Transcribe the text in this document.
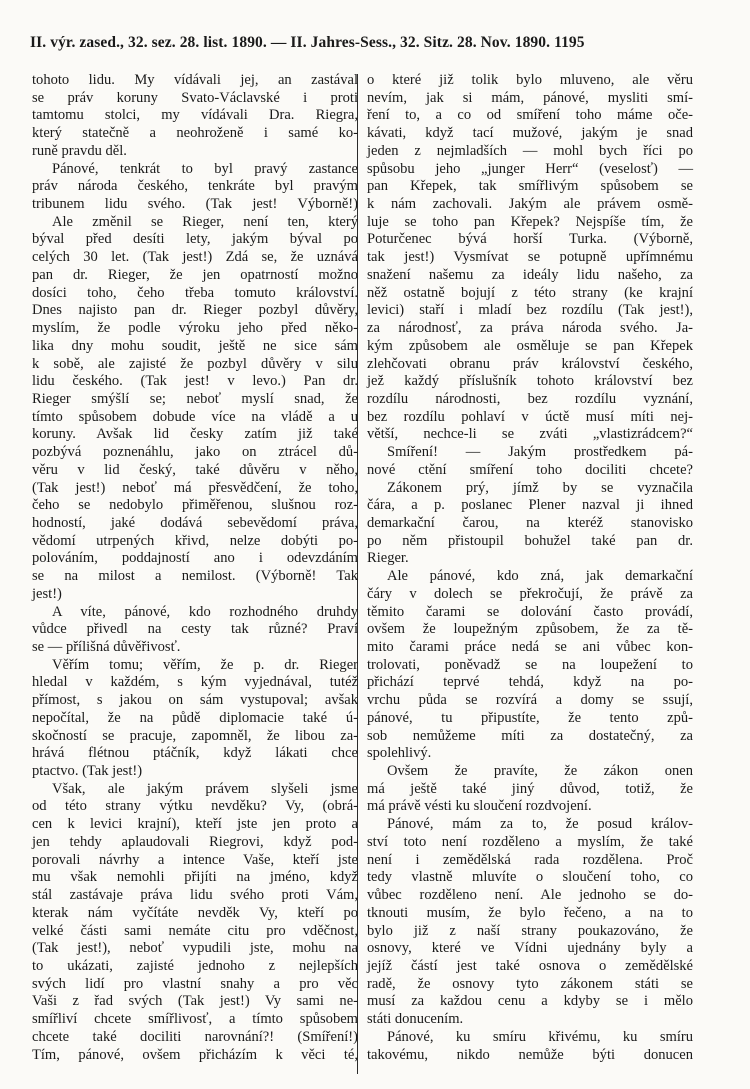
II. výr. zased., 32. sez. 28. list. 1890. — II. Jahres-Sess., 32. Sitz. 28. Nov. 1890. 1195
tohoto lidu. My vídávali jej, an zastával
se práv koruny Svato-Václavské i proti
tamtomu stolci, my vídávali Dra. Riegra,
který statečně a neohroženě i samé ko-
runě pravdu děl.
Pánové, tenkrát to byl pravý zastance
práv národa českého, tenkráte byl pravým
tribunem lidu svého. (Tak jest! Výborně!)
Ale změnil se Rieger, není ten, který
býval před desíti lety, jakým býval po
celých 30 let. (Tak jest!) Zdá se, že uznává
pan dr. Rieger, že jen opatrností možno
dosíci toho, čeho třeba tomuto království.
Dnes najisto pan dr. Rieger pozbyl důvěry,
myslím, že podle výroku jeho před něko-
lika dny mohu soudit, ještě ne sice sám
k sobě, ale zajisté že pozbyl důvěry v silu
lidu českého. (Tak jest! v levo.) Pan dr.
Rieger smýšlí se; neboť myslí snad, že
tímto spůsobem dobude více na vládě a u
koruny. Avšak lid česky zatím již také
pozbývá poznenáhlu, jako on ztrácel dů-
věru v lid český, také důvěru v něho,
(Tak jest!) neboť má přesvědčení, že toho,
čeho se nedobylo přiměřenou, slušnou roz-
hodností, jaké dodává sebevědomí práva,
vědomí utrpených křivd, nelze dobýti po-
polováním, poddajností ano i odevzdáním
se na milost a nemilost. (Výborně! Tak
jest!)
A víte, pánové, kdo rozhodného druhdy
vůdce přivedl na cesty tak různé? Praví
se — přílišná důvěřivosť.
Věřím tomu; věřím, že p. dr. Rieger
hledal v každém, s kým vyjednával, tutéž
přímost, s jakou on sám vystupoval; avšak
nepočítal, že na půdě diplomacie také ú-
skočností se pracuje, zapomněl, že libou za-
hrává flétnou ptáčník, když lákati chce
ptactvo. (Tak jest!)
Však, ale jakým právem slyšeli jsme
od této strany výtku nevděku? Vy, (obrá-
cen k levici krajní), kteří jste jen proto a
jen tehdy aplaudovali Riegrovi, když pod-
porovali návrhy a intence Vaše, kteří jste
mu však nemohli přijíti na jméno, když
stál zastávaje práva lidu svého proti Vám,
kterak nám vyčítáte nevděk Vy, kteří po
velké části sami nemáte citu pro vděčnost,
(Tak jest!), neboť vypudili jste, mohu na
to ukázati, zajisté jednoho z nejlepších
svých lidí pro vlastní snahy a pro věc
Vaši z řad svých (Tak jest!) Vy sami ne-
smířliví chcete smířlivosť, a tímto spůsobem
chcete také dociliti narovnání?! (Smíření!)
Tím, pánové, ovšem přicházím k věci té,
o které již tolik bylo mluveno, ale věru
nevím, jak si mám, pánové, mysliti smí-
ření to, a co od smíření toho máme oče-
kávati, když tací mužové, jakým je snad
jeden z nejmladších — mohl bych říci po
spůsobu jeho „junger Herr“ (veselosť) —
pan Křepek, tak smířlivým spůsobem se
k nám zachovali. Jakým ale právem osmě-
luje se toho pan Křepek? Nejspíše tím, že
Poturčenec bývá horší Turka. (Výborně,
tak jest!) Vysmívat se potupně upřímnému
snažení našemu za ideály lidu našeho, za
něž ostatně bojují z této strany (ke krajní
levici) staří i mladí bez rozdílu (Tak jest!),
za národnosť, za práva národa svého. Ja-
kým způsobem ale osměluje se pan Křepek
zlehčovati obranu práv království českého,
jež každý příslušník tohoto království bez
rozdílu národnosti, bez rozdílu vyznání,
bez rozdílu pohlaví v úctě musí míti nej-
větší, nechce-li se zváti „vlastizrádcem?“
Smíření! — Jakým prostředkem pá-
nové ctění smíření toho dociliti chcete?
Zákonem prý, jímž by se vyznačila
čára, a p. poslanec Plener nazval ji ihned
demarkační čarou, na kteréž stanovisko
po něm přistoupil bohužel také pan dr.
Rieger.
Ale pánové, kdo zná, jak demarkační
čáry v dolech se překročují, že právě za
těmito čarami se dolování často provádí,
ovšem že loupežným způsobem, že za tě-
mito čarami práce nedá se ani vůbec kon-
trolovati, poněvadž se na loupežení to
přichází teprvé tehdá, když na po-
vrchu půda se rozvírá a domy se ssují,
pánové, tu připustíte, že tento způ-
sob nemůžeme míti za dostatečný, za
spolehlivý.
Ovšem že pravíte, že zákon onen
má ještě také jiný důvod, totiž, že
má právě vésti ku sloučení rozdvojení.
Pánové, mám za to, že posud králov-
ství toto není rozděleno a myslím, že také
není i zemědělská rada rozdělena. Proč
tedy vlastně mluvíte o sloučení toho, co
vůbec rozděleno není. Ale jednoho se do-
tknouti musím, že bylo řečeno, a na to
bylo již z naší strany poukazováno, že
osnovy, které ve Vídni ujednány byly a
jejíž částí jest také osnova o zemědělské
radě, že osnovy tyto zákonem státi se
musí za každou cenu a kdyby se i mělo
státi donucením.
Pánové, ku smíru křivému, ku smíru
takovému, nikdo nemůže býti donucen
